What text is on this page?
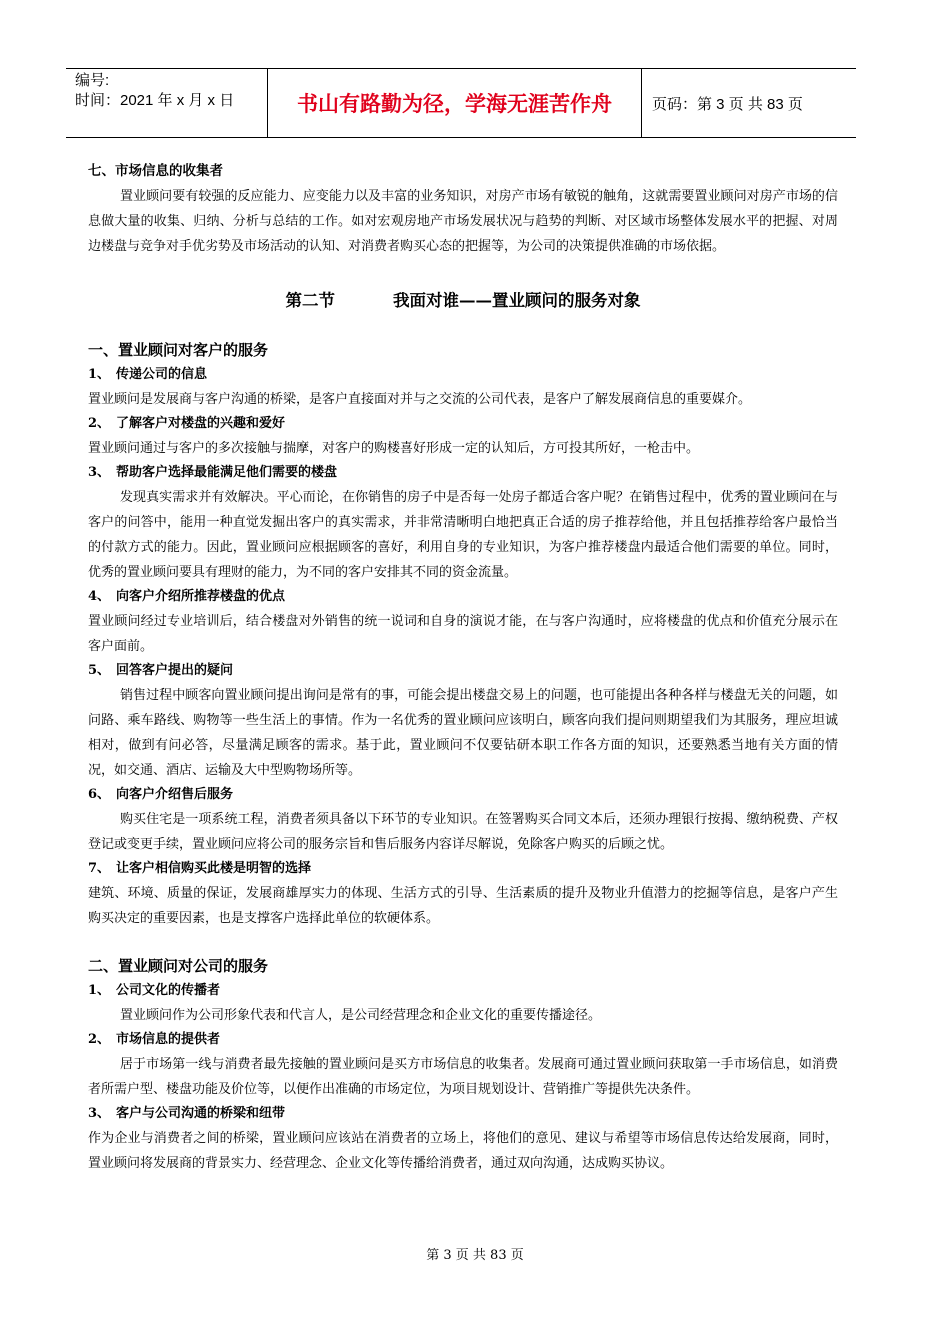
编号:
时间：2021 年 x 月 x 日	书山有路勤为径，学海无涯苦作舟	页码：第 3 页 共 83 页

七、市场信息的收集者

置业顾问要有较强的反应能力、应变能力以及丰富的业务知识，对房产市场有敏锐的触角，这就需要置业顾问对房产市场的信息做大量的收集、归纳、分析与总结的工作。如对宏观房地产市场发展状况与趋势的判断、对区域市场整体发展水平的把握、对周边楼盘与竞争对手优劣势及市场活动的认知、对消费者购买心态的把握等，为公司的决策提供准确的市场依据。

第二节	我面对谁——置业顾问的服务对象

一、置业顾问对客户的服务

1、 传递公司的信息

置业顾问是发展商与客户沟通的桥梁，是客户直接面对并与之交流的公司代表，是客户了解发展商信息的重要媒介。

2、 了解客户对楼盘的兴趣和爱好

置业顾问通过与客户的多次接触与揣摩，对客户的购楼喜好形成一定的认知后，方可投其所好，一枪击中。

3、 帮助客户选择最能满足他们需要的楼盘

发现真实需求并有效解决。平心而论，在你销售的房子中是否每一处房子都适合客户呢？在销售过程中，优秀的置业顾问在与客户的问答中，能用一种直觉发掘出客户的真实需求，并非常清晰明白地把真正合适的房子推荐给他，并且包括推荐给客户最恰当的付款方式的能力。因此，置业顾问应根据顾客的喜好，利用自身的专业知识，为客户推荐楼盘内最适合他们需要的单位。同时，优秀的置业顾问要具有理财的能力，为不同的客户安排其不同的资金流量。

4、 向客户介绍所推荐楼盘的优点

置业顾问经过专业培训后，结合楼盘对外销售的统一说词和自身的演说才能，在与客户沟通时，应将楼盘的优点和价值充分展示在客户面前。

5、 回答客户提出的疑问

销售过程中顾客向置业顾问提出询问是常有的事，可能会提出楼盘交易上的问题，也可能提出各种各样与楼盘无关的问题，如问路、乘车路线、购物等一些生活上的事情。作为一名优秀的置业顾问应该明白，顾客向我们提问则期望我们为其服务，理应坦诚相对，做到有问必答，尽量满足顾客的需求。基于此，置业顾问不仅要钻研本职工作各方面的知识，还要熟悉当地有关方面的情况，如交通、酒店、运输及大中型购物场所等。

6、 向客户介绍售后服务

购买住宅是一项系统工程，消费者须具备以下环节的专业知识。在签署购买合同文本后，还须办理银行按揭、缴纳税费、产权登记或变更手续，置业顾问应将公司的服务宗旨和售后服务内容详尽解说，免除客户购买的后顾之忧。

7、 让客户相信购买此楼是明智的选择

建筑、环境、质量的保证，发展商雄厚实力的体现、生活方式的引导、生活素质的提升及物业升值潜力的挖掘等信息，是客户产生购买决定的重要因素，也是支撑客户选择此单位的软硬体系。

二、置业顾问对公司的服务

1、 公司文化的传播者

置业顾问作为公司形象代表和代言人，是公司经营理念和企业文化的重要传播途径。

2、 市场信息的提供者

居于市场第一线与消费者最先接触的置业顾问是买方市场信息的收集者。发展商可通过置业顾问获取第一手市场信息，如消费者所需户型、楼盘功能及价位等，以便作出准确的市场定位，为项目规划设计、营销推广等提供先决条件。

3、 客户与公司沟通的桥梁和纽带

作为企业与消费者之间的桥梁，置业顾问应该站在消费者的立场上，将他们的意见、建议与希望等市场信息传达给发展商，同时，置业顾问将发展商的背景实力、经营理念、企业文化等传播给消费者，通过双向沟通，达成购买协议。

第 3 页 共 83 页
